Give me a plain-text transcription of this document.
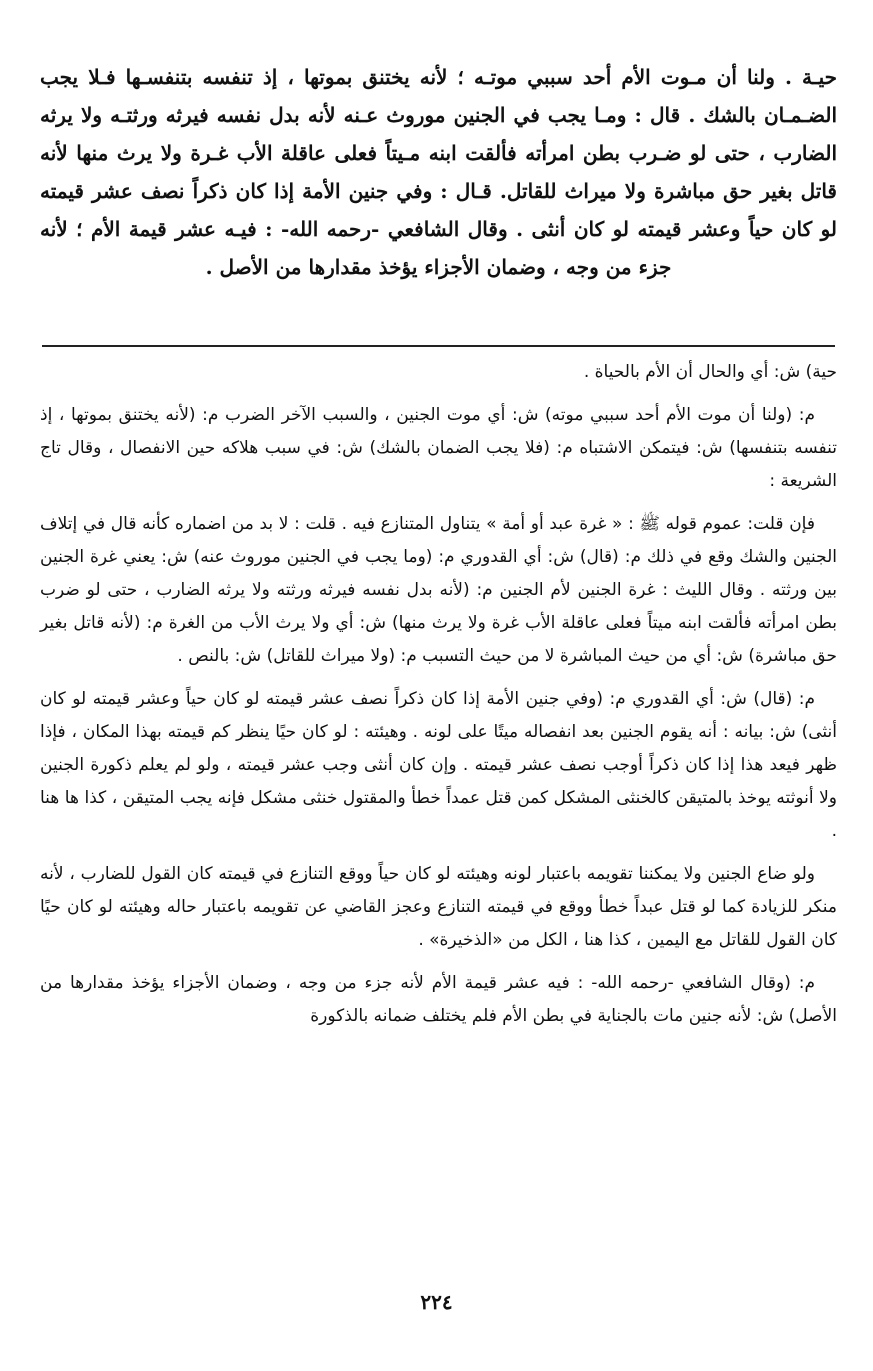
حيـة . ولنا أن مـوت الأم أحد سببي موتـه ؛ لأنه يختنق بموتها ، إذ تنفسه بتنفسـها فـلا يجب الضـمـان بالشك . قال : ومـا يجب في الجنين موروث عـنه لأنه بدل نفسه فيرثه ورثتـه ولا يرثه الضارب ، حتى لو ضـرب بطن امرأته فألقت ابنه مـيتاً فعلى عاقلة الأب غـرة ولا يرث منها لأنه قاتل بغير حق مباشرة ولا ميراث للقاتل. قـال : وفي جنين الأمة إذا كان ذكراً نصف عشر قيمته لو كان حياً وعشر قيمته لو كان أنثى . وقال الشافعي -رحمه الله- : فيـه عشر قيمة الأم ؛ لأنه جزء من وجه ، وضمان الأجزاء يؤخذ مقدارها من الأصل .

حية) ش: أي والحال أن الأم بالحياة .

م: (ولنا أن موت الأم أحد سببي موته) ش: أي موت الجنين ، والسبب الآخر الضرب م: (لأنه يختنق بموتها ، إذ تنفسه بتنفسها) ش: فيتمكن الاشتباه م: (فلا يجب الضمان بالشك) ش: في سبب هلاكه حين الانفصال ، وقال تاج الشريعة :

فإن قلت: عموم قوله ﷺ : « غرة عبد أو أمة » يتناول المتنازع فيه . قلت : لا بد من اضماره كأنه قال في إتلاف الجنين والشك وقع في ذلك م: (قال) ش: أي القدوري م: (وما يجب في الجنين موروث عنه) ش: يعني غرة الجنين بين ورثته . وقال الليث : غرة الجنين لأم الجنين م: (لأنه بدل نفسه فيرثه ورثته ولا يرثه الضارب ، حتى لو ضرب بطن امرأته فألقت ابنه ميتاً فعلى عاقلة الأب غرة ولا يرث منها) ش: أي ولا يرث الأب من الغرة م: (لأنه قاتل بغير حق مباشرة) ش: أي من حيث المباشرة لا من حيث التسبب م: (ولا ميراث للقاتل) ش: بالنص .

م: (قال) ش: أي القدوري م: (وفي جنين الأمة إذا كان ذكراً نصف عشر قيمته لو كان حياً وعشر قيمته لو كان أنثى) ش: بيانه : أنه يقوم الجنين بعد انفصاله ميتًا على لونه . وهيئته : لو كان حيًا ينظر كم قيمته بهذا المكان ، فإذا ظهر فيعد هذا إذا كان ذكراً أوجب نصف عشر قيمته . وإن كان أنثى وجب عشر قيمته ، ولو لم يعلم ذكورة الجنين ولا أنوثته يوخذ بالمتيقن كالخنثى المشكل كمن قتل عمداً خطأ والمقتول خنثى مشكل فإنه يجب المتيقن ، كذا ها هنا .

ولو ضاع الجنين ولا يمكننا تقويمه باعتبار لونه وهيئته لو كان حياً ووقع التنازع في قيمته كان القول للضارب ، لأنه منكر للزيادة كما لو قتل عبداً خطأ ووقع في قيمته التنازع وعجز القاضي عن تقويمه باعتبار حاله وهيئته لو كان حيًا كان القول للقاتل مع اليمين ، كذا هنا ، الكل من «الذخيرة» .

م: (وقال الشافعي -رحمه الله- : فيه عشر قيمة الأم لأنه جزء من وجه ، وضمان الأجزاء يؤخذ مقدارها من الأصل) ش: لأنه جنين مات بالجناية في بطن الأم فلم يختلف ضمانه بالذكورة

٢٢٤
